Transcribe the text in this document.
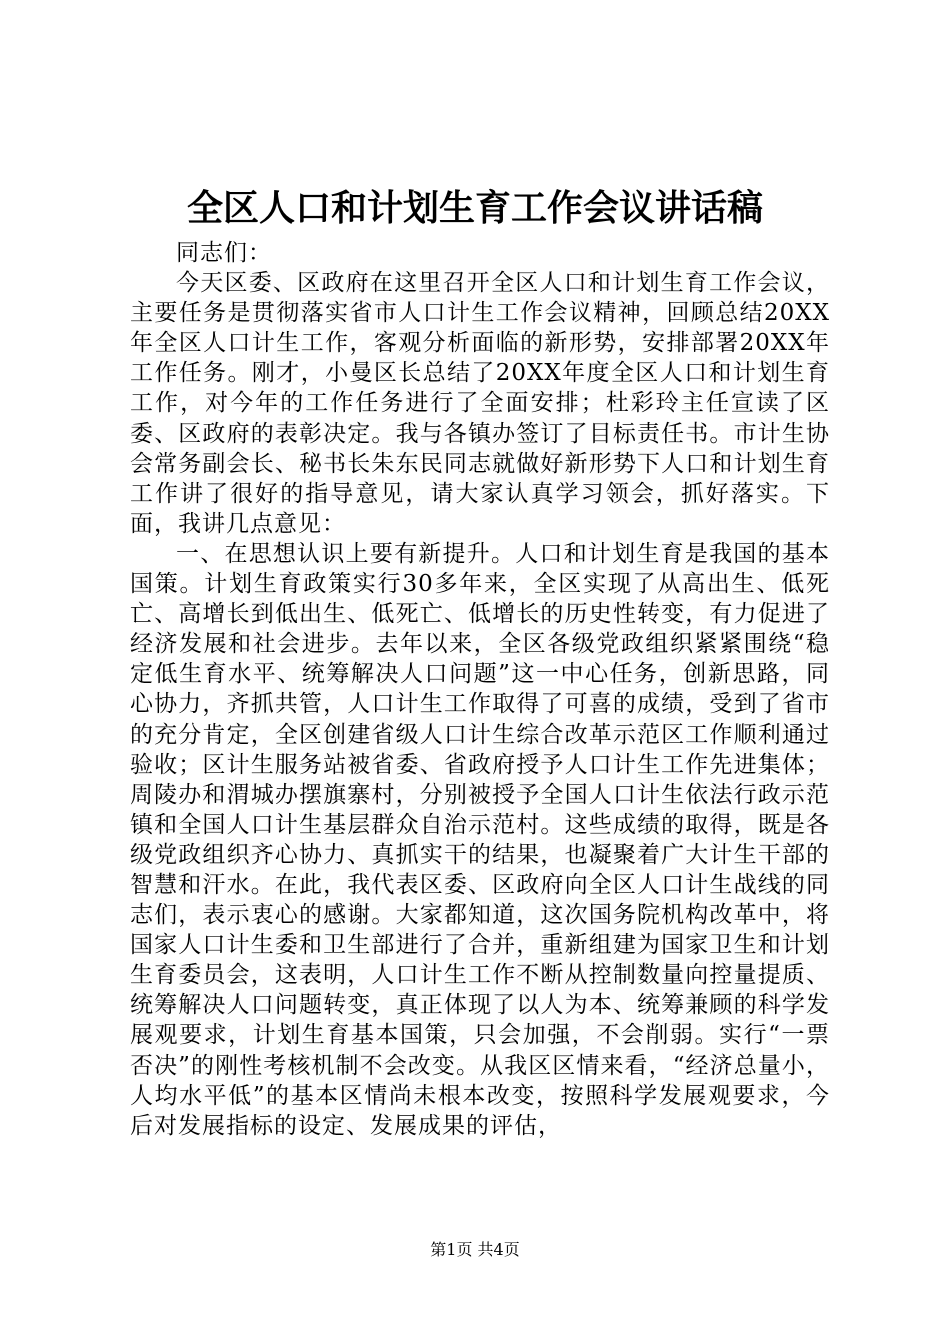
全区人口和计划生育工作会议讲话稿

同志们：

今天区委、区政府在这里召开全区人口和计划生育工作会议，主要任务是贯彻落实省市人口计生工作会议精神，回顾总结20XX年全区人口计生工作，客观分析面临的新形势，安排部署20XX年工作任务。刚才，小曼区长总结了20XX年度全区人口和计划生育工作，对今年的工作任务进行了全面安排；杜彩玲主任宣读了区委、区政府的表彰决定。我与各镇办签订了目标责任书。市计生协会常务副会长、秘书长朱东民同志就做好新形势下人口和计划生育工作讲了很好的指导意见，请大家认真学习领会，抓好落实。下面，我讲几点意见：

一、在思想认识上要有新提升。人口和计划生育是我国的基本国策。计划生育政策实行30多年来，全区实现了从高出生、低死亡、高增长到低出生、低死亡、低增长的历史性转变，有力促进了经济发展和社会进步。去年以来，全区各级党政组织紧紧围绕“稳定低生育水平、统筹解决人口问题”这一中心任务，创新思路，同心协力，齐抓共管，人口计生工作取得了可喜的成绩，受到了省市的充分肯定，全区创建省级人口计生综合改革示范区工作顺利通过验收；区计生服务站被省委、省政府授予人口计生工作先进集体；周陵办和渭城办摆旗寨村，分别被授予全国人口计生依法行政示范镇和全国人口计生基层群众自治示范村。这些成绩的取得，既是各级党政组织齐心协力、真抓实干的结果，也凝聚着广大计生干部的智慧和汗水。在此，我代表区委、区政府向全区人口计生战线的同志们，表示衷心的感谢。大家都知道，这次国务院机构改革中，将国家人口计生委和卫生部进行了合并，重新组建为国家卫生和计划生育委员会，这表明，人口计生工作不断从控制数量向控量提质、统筹解决人口问题转变，真正体现了以人为本、统筹兼顾的科学发展观要求，计划生育基本国策，只会加强，不会削弱。实行“一票否决”的刚性考核机制不会改变。从我区区情来看，“经济总量小，人均水平低”的基本区情尚未根本改变，按照科学发展观要求，今后对发展指标的设定、发展成果的评估，

第1页 共4页
